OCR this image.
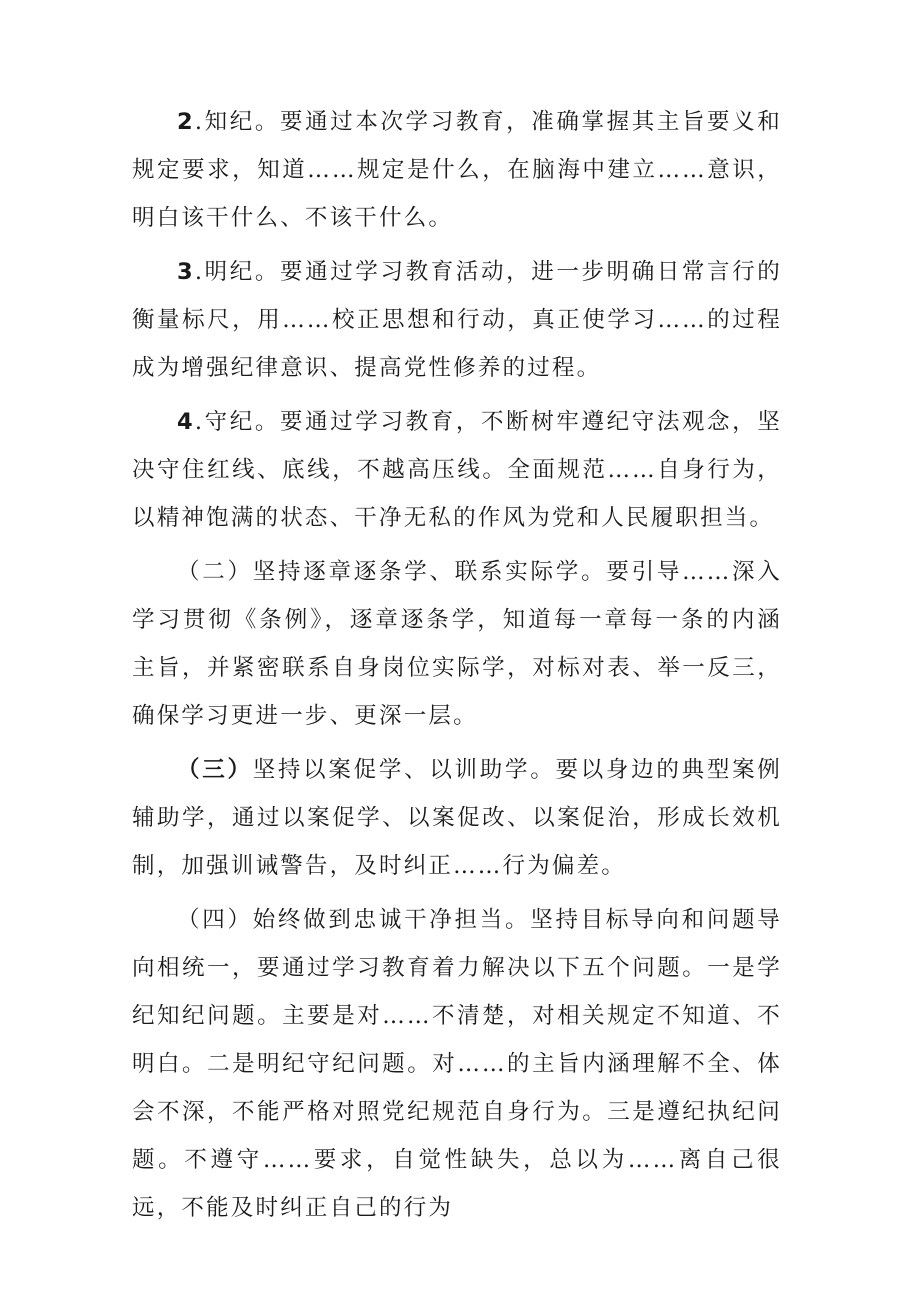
2.知纪。要通过本次学习教育，准确掌握其主旨要义和规定要求，知道……规定是什么，在脑海中建立……意识，明白该干什么、不该干什么。

3.明纪。要通过学习教育活动，进一步明确日常言行的衡量标尺，用……校正思想和行动，真正使学习……的过程成为增强纪律意识、提高党性修养的过程。

4.守纪。要通过学习教育，不断树牢遵纪守法观念，坚决守住红线、底线，不越高压线。全面规范……自身行为，以精神饱满的状态、干净无私的作风为党和人民履职担当。

（二）坚持逐章逐条学、联系实际学。要引导……深入学习贯彻《条例》，逐章逐条学，知道每一章每一条的内涵主旨，并紧密联系自身岗位实际学，对标对表、举一反三，确保学习更进一步、更深一层。

（三）坚持以案促学、以训助学。要以身边的典型案例辅助学，通过以案促学、以案促改、以案促治，形成长效机制，加强训诫警告，及时纠正……行为偏差。

（四）始终做到忠诚干净担当。坚持目标导向和问题导向相统一，要通过学习教育着力解决以下五个问题。一是学纪知纪问题。主要是对……不清楚，对相关规定不知道、不明白。二是明纪守纪问题。对……的主旨内涵理解不全、体会不深，不能严格对照党纪规范自身行为。三是遵纪执纪问题。不遵守……要求，自觉性缺失，总以为……离自己很远，不能及时纠正自己的行为
